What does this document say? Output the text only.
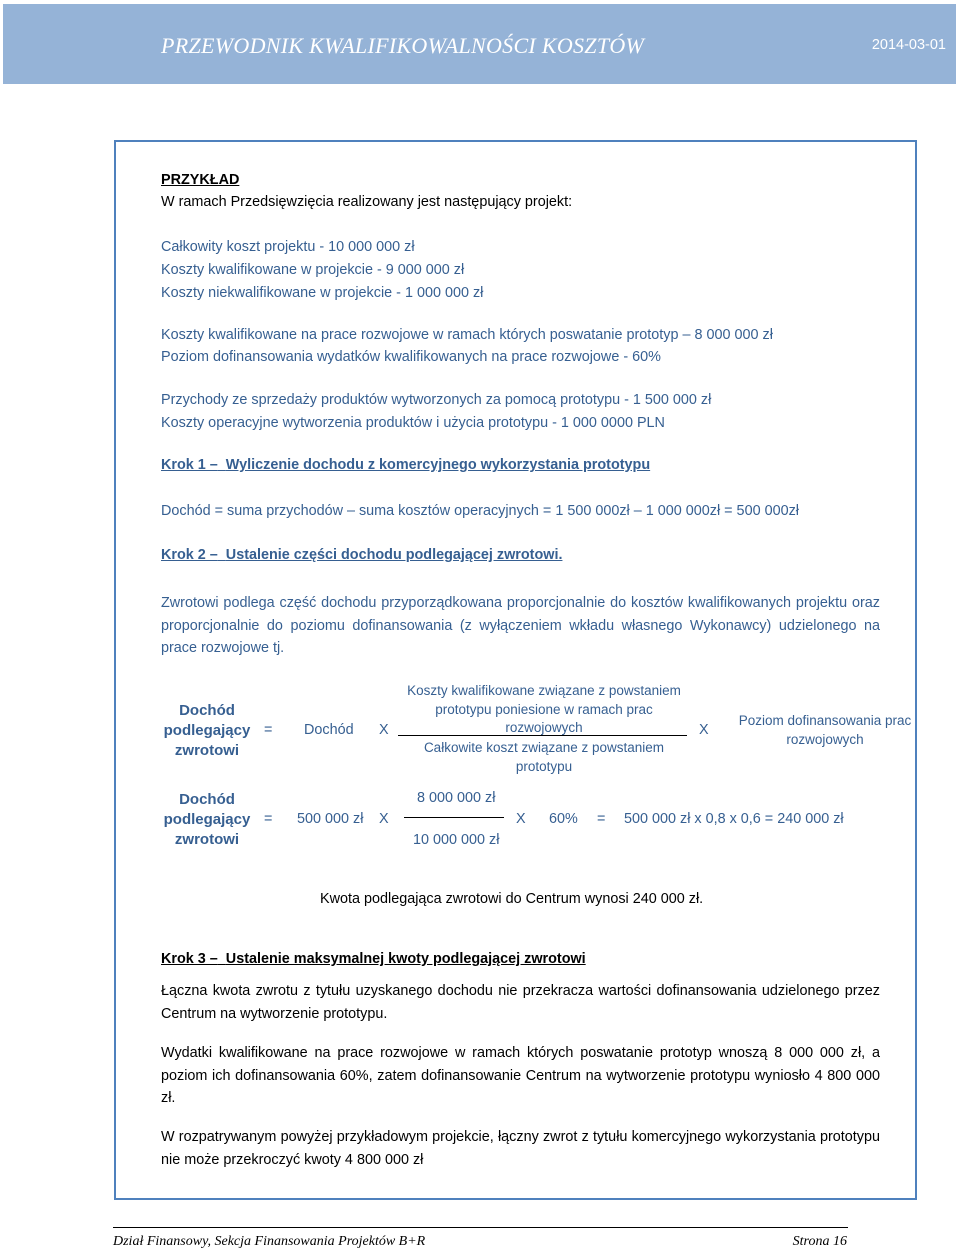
PRZEWODNIK KWALIFIKOWALNOŚCI KOSZTÓW	2014-03-01
PRZYKŁAD
W ramach Przedsięwzięcia realizowany jest następujący projekt:
Całkowity koszt projektu - 10 000 000 zł
Koszty kwalifikowane w projekcie - 9 000 000 zł
Koszty niekwalifikowane w projekcie - 1 000 000 zł
Koszty kwalifikowane na prace rozwojowe w ramach których poswatanie prototyp – 8 000 000 zł
Poziom dofinansowania wydatków kwalifikowanych na prace rozwojowe - 60%
Przychody ze sprzedaży produktów wytworzonych za pomocą prototypu - 1 500 000 zł
Koszty operacyjne wytworzenia produktów i użycia prototypu - 1 000 0000 PLN
Krok 1 – Wyliczenie dochodu z komercyjnego wykorzystania prototypu
Dochód = suma przychodów – suma kosztów operacyjnych = 1 500 000zł – 1 000 000zł = 500 000zł
Krok 2 – Ustalenie części dochodu podlegającej zwrotowi.
Zwrotowi podlega część dochodu przyporządkowana proporcjonalnie do kosztów kwalifikowanych projektu oraz proporcjonalnie do poziomu dofinansowania (z wyłączeniem wkładu własnego Wykonawcy) udzielonego na prace rozwojowe tj.
Dochód podlegający zwrotowi
= Dochód X
Koszty kwalifikowane związane z powstaniem prototypu poniesione w ramach prac rozwojowych
Całkowite koszt związane z powstaniem prototypu
X
Poziom dofinansowania prac rozwojowych
Dochód podlegający zwrotowi
= 500 000 zł X
8 000 000 zł
10 000 000 zł
X 60% = 500 000 zł x 0,8 x 0,6 = 240 000 zł
Kwota podlegająca zwrotowi do Centrum wynosi 240 000 zł.
Krok 3 – Ustalenie maksymalnej kwoty podlegającej zwrotowi
Łączna kwota zwrotu z tytułu uzyskanego dochodu nie przekracza wartości dofinansowania udzielonego przez Centrum na wytworzenie prototypu.
Wydatki kwalifikowane na prace rozwojowe w ramach których poswatanie prototyp wnoszą 8 000 000 zł, a poziom ich dofinansowania 60%, zatem dofinansowanie Centrum na wytworzenie prototypu wyniosło 4 800 000 zł.
W rozpatrywanym powyżej przykładowym projekcie, łączny zwrot z tytułu komercyjnego wykorzystania prototypu nie może przekroczyć kwoty 4 800 000 zł
Dział Finansowy, Sekcja Finansowania Projektów B+R	Strona 16
